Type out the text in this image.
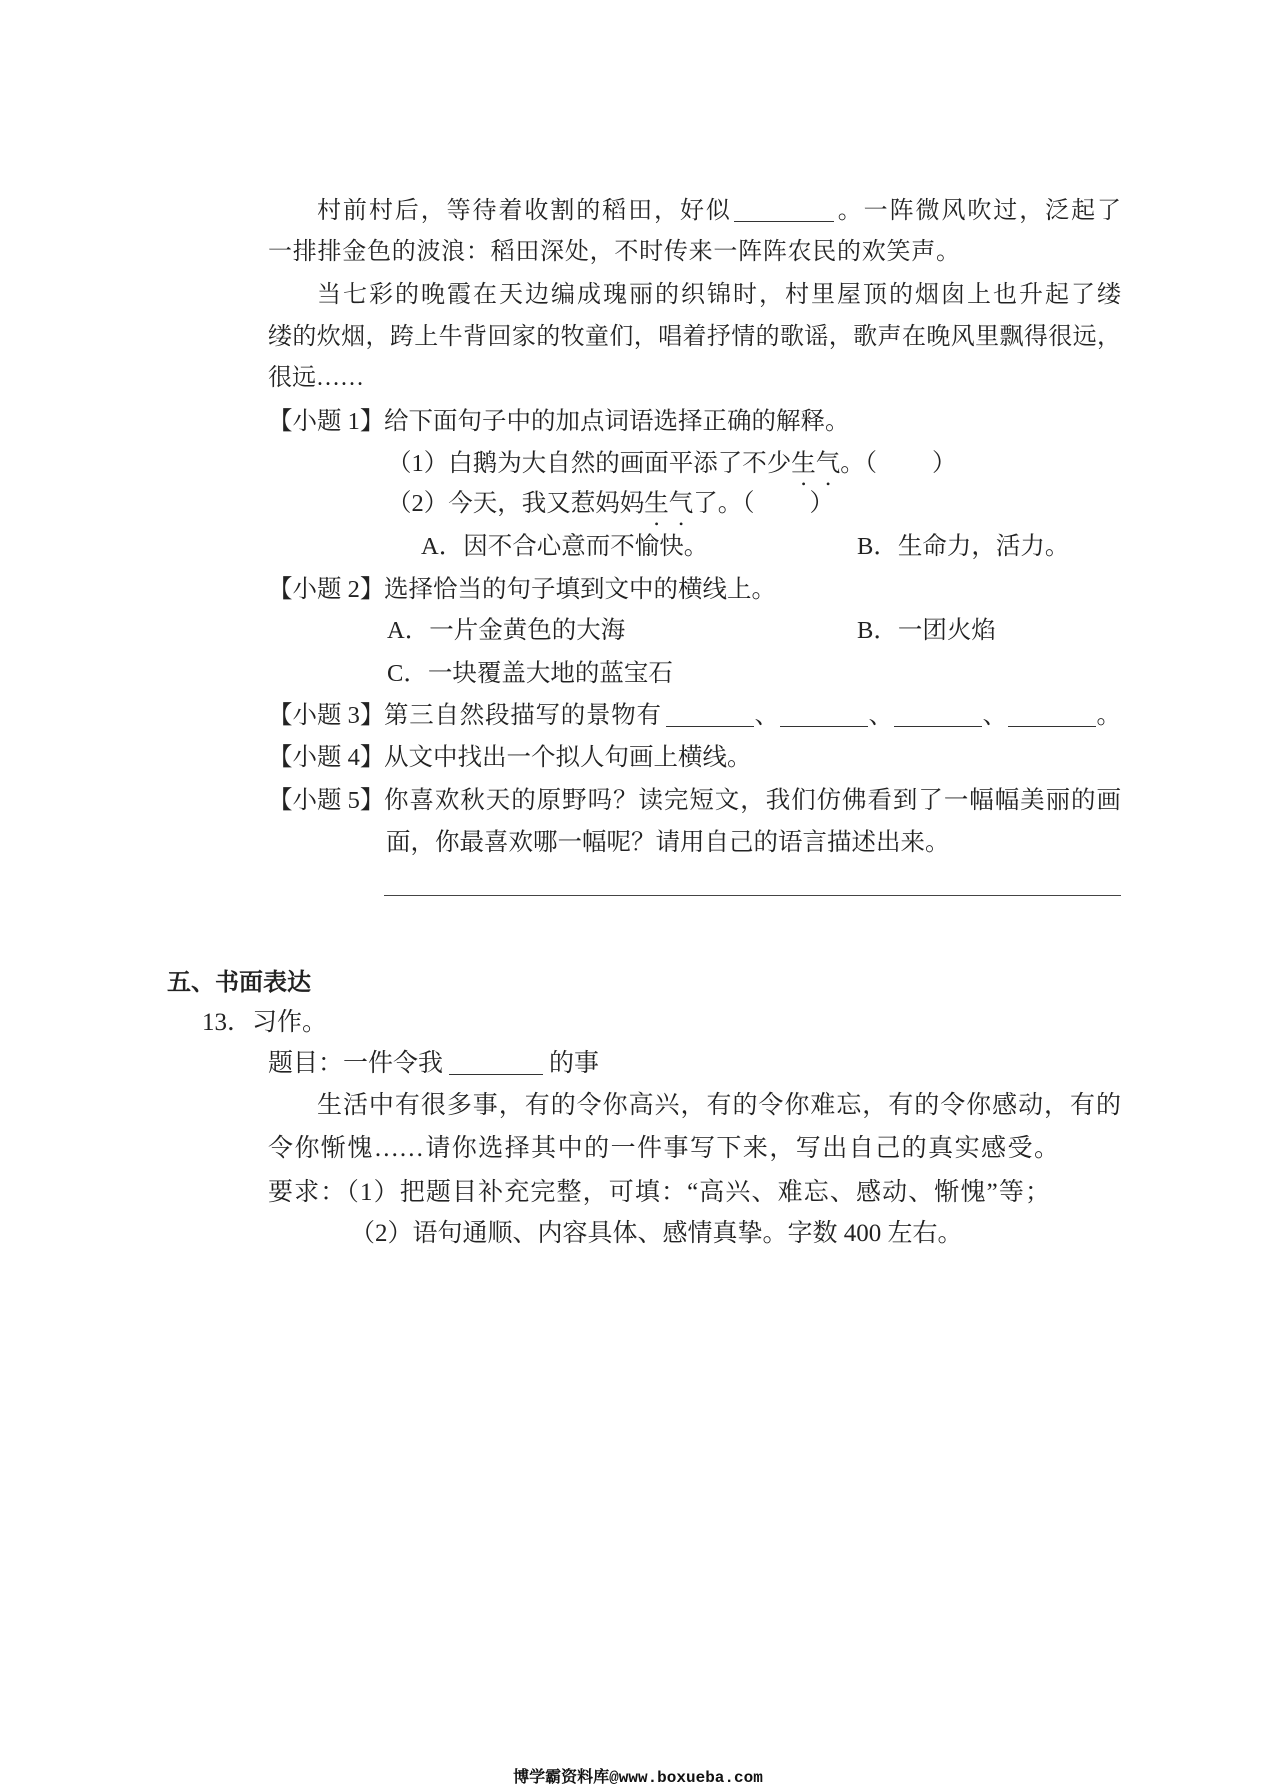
村前村后，等待着收割的稻田，好似	。一阵微风吹过，泛起了
一排排金色的波浪：稻田深处，不时传来一阵阵农民的欢笑声。
当七彩的晚霞在天边编成瑰丽的织锦时，村里屋顶的烟囱上也升起了缕
缕的炊烟，跨上牛背回家的牧童们，唱着抒情的歌谣，歌声在晚风里飘得很远，
很远……
【小题 1】 给下面句子中的加点词语选择正确的解释。
（1）白鹅为大自然的画面平添了不少生气。（　　）
（2）今天，我又惹妈妈生气了。（　　）
A．因不合心意而不愉快。	B．生命力，活力。
【小题 2】 选择恰当的句子填到文中的横线上。
A．一片金黄色的大海	B．一团火焰
C．一块覆盖大地的蓝宝石
【小题 3】 第三自然段描写的景物有	、	、	、	。
【小题 4】 从文中找出一个拟人句画上横线。
【小题 5】 你喜欢秋天的原野吗？读完短文，我们仿佛看到了一幅幅美丽的画
面，你最喜欢哪一幅呢？请用自己的语言描述出来。
五、书面表达
13．习作。
题目：一件令我	的事
生活中有很多事，有的令你高兴，有的令你难忘，有的令你感动，有的
令你惭愧……请你选择其中的一件事写下来，写出自己的真实感受。
要求：（1）把题目补充完整，可填：“高兴、难忘、感动、惭愧”等；
（2）语句通顺、内容具体、感情真挚。字数 400 左右。
博学霸资料库@www.boxueba.com
